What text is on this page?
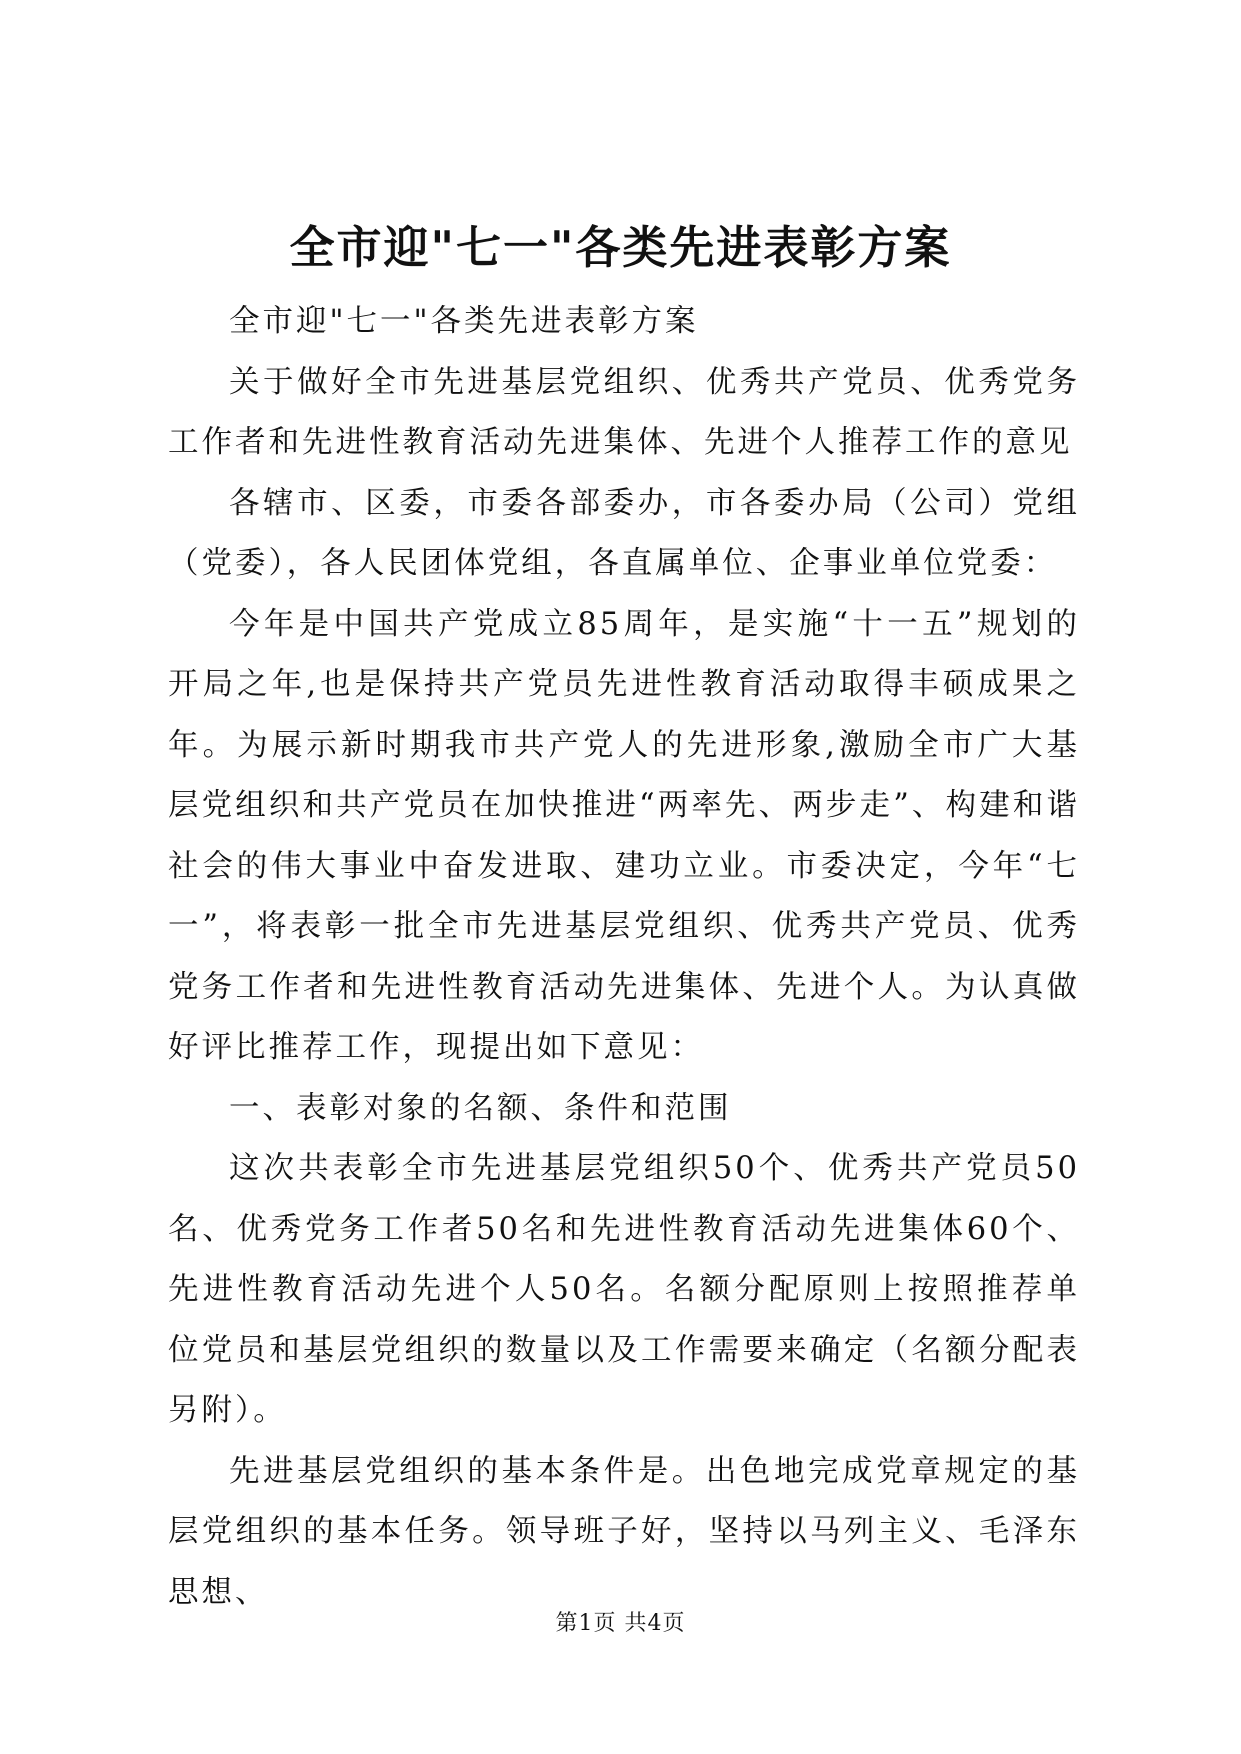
全市迎"七一"各类先进表彰方案

全市迎"七一"各类先进表彰方案

关于做好全市先进基层党组织、优秀共产党员、优秀党务工作者和先进性教育活动先进集体、先进个人推荐工作的意见

各辖市、区委，市委各部委办，市各委办局（公司）党组（党委），各人民团体党组，各直属单位、企事业单位党委：

今年是中国共产党成立85周年，是实施“十一五”规划的开局之年,也是保持共产党员先进性教育活动取得丰硕成果之年。为展示新时期我市共产党人的先进形象,激励全市广大基层党组织和共产党员在加快推进“两率先、两步走”、构建和谐社会的伟大事业中奋发进取、建功立业。市委决定，今年“七一”，将表彰一批全市先进基层党组织、优秀共产党员、优秀党务工作者和先进性教育活动先进集体、先进个人。为认真做好评比推荐工作，现提出如下意见：

一、表彰对象的名额、条件和范围

这次共表彰全市先进基层党组织50个、优秀共产党员50名、优秀党务工作者50名和先进性教育活动先进集体60个、先进性教育活动先进个人50名。名额分配原则上按照推荐单位党员和基层党组织的数量以及工作需要来确定（名额分配表另附）。

先进基层党组织的基本条件是。出色地完成党章规定的基层党组织的基本任务。领导班子好，坚持以马列主义、毛泽东思想、

第1页 共4页
